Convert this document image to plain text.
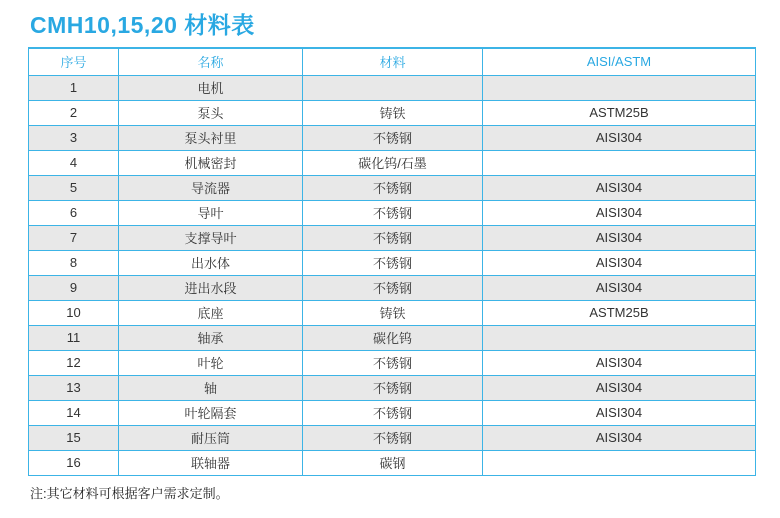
CMH10,15,20 材料表
序号	名称	材料	AISI/ASTM
1	电机		
2	泵头	铸铁	ASTM25B
3	泵头衬里	不锈钢	AISI304
4	机械密封	碳化钨/石墨	
5	导流器	不锈钢	AISI304
6	导叶	不锈钢	AISI304
7	支撑导叶	不锈钢	AISI304
8	出水体	不锈钢	AISI304
9	进出水段	不锈钢	AISI304
10	底座	铸铁	ASTM25B
11	轴承	碳化钨	
12	叶轮	不锈钢	AISI304
13	轴	不锈钢	AISI304
14	叶轮隔套	不锈钢	AISI304
15	耐压筒	不锈钢	AISI304
16	联轴器	碳钢	
注:其它材料可根据客户需求定制。
